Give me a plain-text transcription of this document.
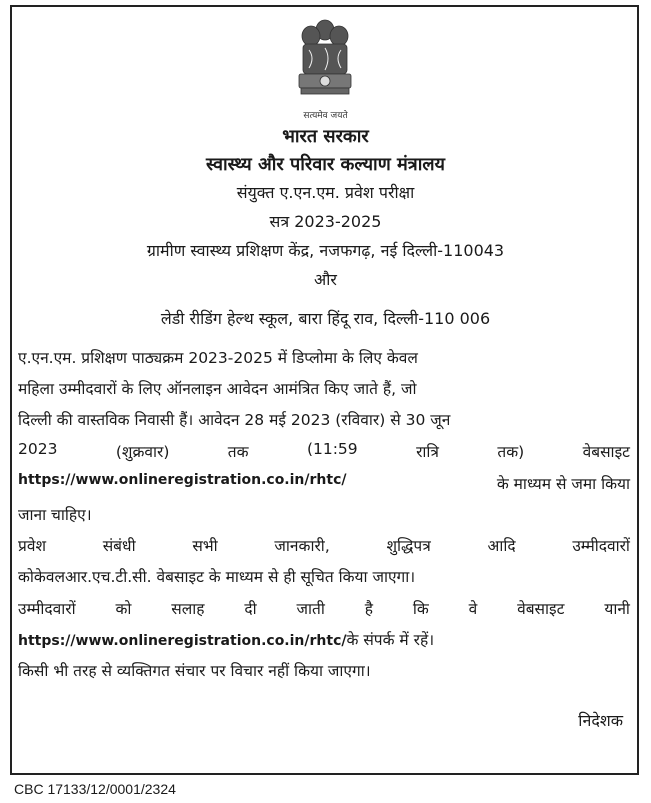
सत्यमेव जयते
भारत सरकार
स्वास्थ्य और परिवार कल्याण मंत्रालय
संयुक्त ए.एन.एम. प्रवेश परीक्षा
सत्र 2023-2025
ग्रामीण स्वास्थ्य प्रशिक्षण केंद्र, नजफगढ़, नई दिल्ली-110043
और
लेडी रीडिंग हेल्थ स्कूल, बारा हिंदू राव, दिल्ली-110 006
ए.एन.एम. प्रशिक्षण पाठ्यक्रम 2023-2025 में डिप्लोमा के लिए केवल
महिला उम्मीदवारों के लिए ऑनलाइन आवेदन आमंत्रित किए जाते हैं, जो
दिल्ली की वास्तविक निवासी हैं। आवेदन 28 मई 2023 (रविवार) से 30 जून
2023	(शुक्रवार)	तक	(11:59	रात्रि	तक)	वेबसाइट
https://www.onlineregistration.co.in/rhtc/	के माध्यम से जमा किया
जाना चाहिए।
प्रवेश	संबंधी	सभी	जानकारी,	शुद्धिपत्र	आदि	उम्मीदवारों
कोकेवलआर.एच.टी.सी. वेबसाइट के माध्यम से ही सूचित किया जाएगा।
उम्मीदवारों	को	सलाह	दी	जाती	है	कि	वे	वेबसाइट	यानी
https://www.onlineregistration.co.in/rhtc/के संपर्क में रहें।
किसी भी तरह से व्यक्तिगत संचार पर विचार नहीं किया जाएगा।
निदेशक
CBC 17133/12/0001/2324
